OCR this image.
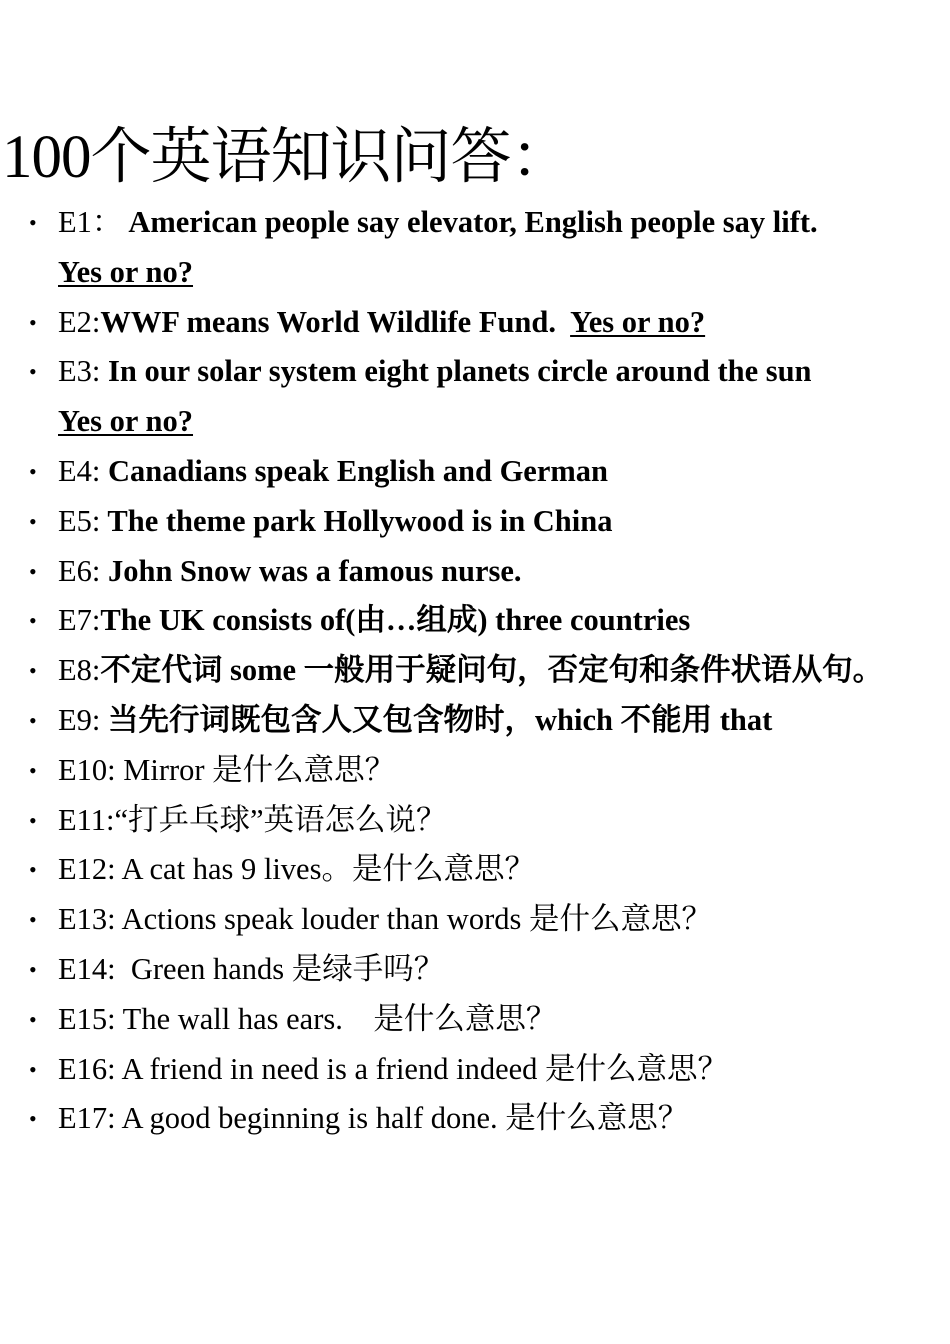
100个英语知识问答：
• E1： American people say elevator, English people say lift.
Yes or no?
• E2:WWF means World Wildlife Fund.  Yes or no?
• E3: In our solar system eight planets circle around the sun
Yes or no?
• E4: Canadians speak English and German
• E5: The theme park Hollywood is in China
• E6: John Snow was a famous nurse.
• E7:The UK consists of(由…组成) three countries
• E8:不定代词 some 一般用于疑问句，否定句和条件状语从句。
• E9: 当先行词既包含人又包含物时，which 不能用 that
• E10: Mirror 是什么意思？
• E11:“打乒乓球”英语怎么说？
• E12: A cat has 9 lives。是什么意思？
• E13: Actions speak louder than words 是什么意思？
• E14:  Green hands 是绿手吗？
• E15: The wall has ears.    是什么意思？
• E16: A friend in need is a friend indeed 是什么意思？
• E17: A good beginning is half done. 是什么意思？
